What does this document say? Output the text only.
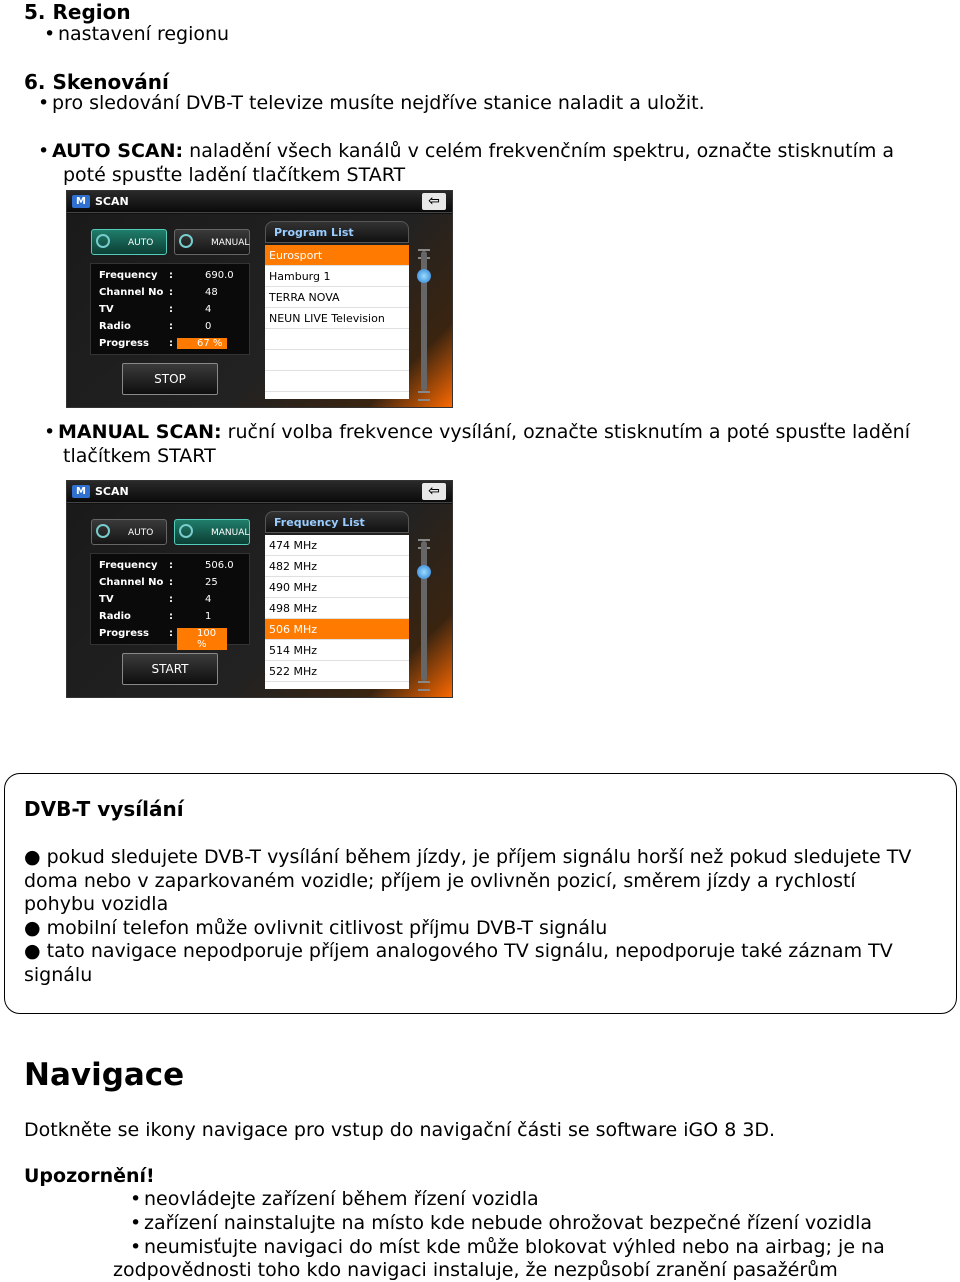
5. Region
• nastavení regionu
6. Skenování
• pro sledování DVB-T televize musíte nejdříve stanice naladit a uložit.
• AUTO SCAN: naladění všech kanálů v celém frekvenčním spektru, označte stisknutím a
poté spusťte ladění tlačítkem START
M SCAN	⇦
AUTO	MANUAL
Frequency :	690.0
Channel No :	48
TV	:	4
Radio	:	0
Progress :	67 %
STOP
Program List
Eurosport
Hamburg 1
TERRA NOVA
NEUN LIVE Television
• MANUAL SCAN: ruční volba frekvence vysílání, označte stisknutím a poté spusťte ladění
tlačítkem START
M SCAN	⇦
AUTO	MANUAL
Frequency :	506.0
Channel No :	25
TV	:	4
Radio	:	1
Progress :	100 %
START
Frequency List
474 MHz
482 MHz
490 MHz
498 MHz
506 MHz
514 MHz
522 MHz
DVB-T vysílání
● pokud sledujete DVB-T vysílání během jízdy, je příjem signálu horší než pokud sledujete TV
doma nebo v zaparkovaném vozidle; příjem je ovlivněn pozicí, směrem jízdy a rychlostí
pohybu vozidla
● mobilní telefon může ovlivnit citlivost příjmu DVB-T signálu
● tato navigace nepodporuje příjem analogového TV signálu, nepodporuje také záznam TV
signálu
Navigace
Dotkněte se ikony navigace pro vstup do navigační části se software iGO 8 3D.
Upozornění!
• neovládejte zařízení během řízení vozidla
• zařízení nainstalujte na místo kde nebude ohrožovat bezpečné řízení vozidla
• neumisťujte navigaci do míst kde může blokovat výhled nebo na airbag; je na
zodpovědnosti toho kdo navigaci instaluje, že nezpůsobí zranění pasažérům
